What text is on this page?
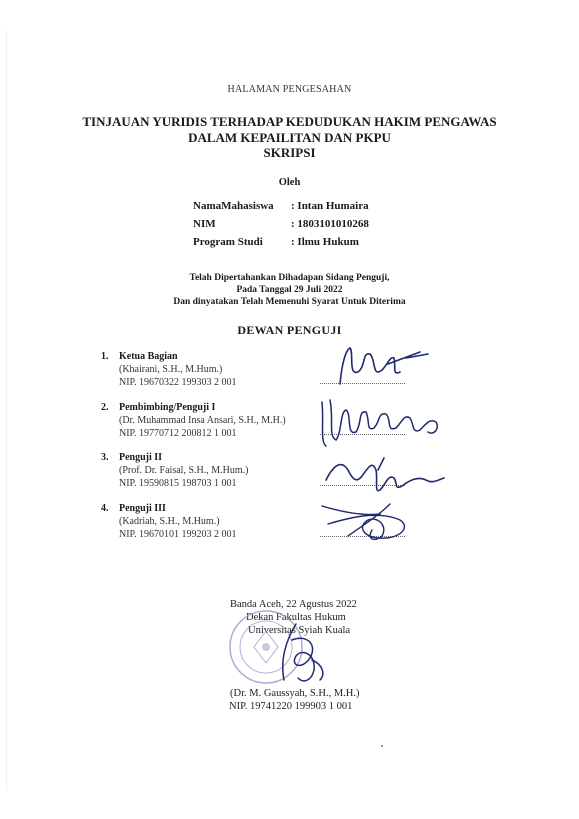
HALAMAN PENGESAHAN
TINJAUAN YURIDIS TERHADAP KEDUDUKAN HAKIM PENGAWAS
DALAM KEPAILITAN DAN PKPU
SKRIPSI
Oleh
NamaMahasiswa : Intan Humaira
NIM	: 1803101010268
Program Studi	: Ilmu Hukum
Telah Dipertahankan Dihadapan Sidang Penguji,
Pada Tanggal 29 Juli 2022
Dan dinyatakan Telah Memenuhi Syarat Untuk Diterima
DEWAN PENGUJI
1. Ketua Bagian
(Khairani, S.H., M.Hum.)
NIP. 19670322 199303 2 001
2. Pembimbing/Penguji I
(Dr. Muhammad Insa Ansari, S.H., M.H.)
NIP. 19770712 200812 1 001
3. Penguji II
(Prof. Dr. Faisal, S.H., M.Hum.)
NIP. 19590815 198703 1 001
4. Penguji III
(Kadriah, S.H., M.Hum.)
NIP. 19670101 199203 2 001
Banda Aceh, 22 Agustus 2022
Dekan Fakultas Hukum
Universitas Syiah Kuala
(Dr. M. Gaussyah, S.H., M.H.)
NIP. 19741220 199903 1 001
